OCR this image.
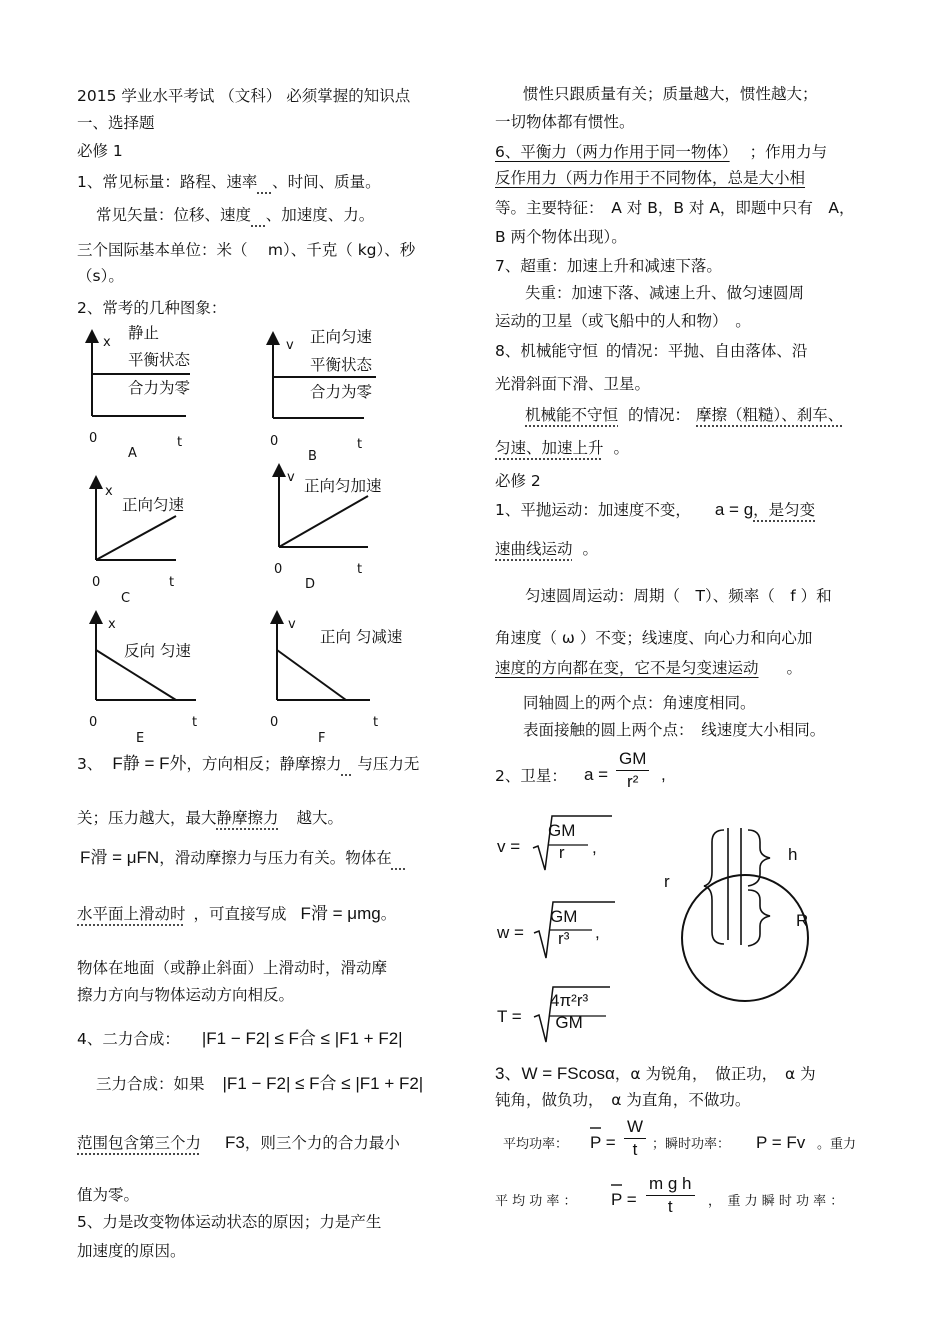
2015 学业水平考试 （文科） 必须掌握的知识点
一、选择题
必修 1
1、常见标量：路程、速率 、时间、质量。
常见矢量：位移、速度 、加速度、力。
三个国际基本单位：米（　 m）、千克（ kg）、秒
（s）。
2、常考的几种图象：
x
静止
平衡状态
合力为零
0	t
A
v 正向匀速
平衡状态
合力为零
0	t
B
x
正向匀速
0	t
C
v 正向匀加速
0	t
D
x
反向 匀速
0	t
E
v
正向 匀减速
0	t
F
3、 F静 = F外，方向相反；静摩擦力 与压力无
关；压力越大，最大静摩擦力 越大。
F滑 = μFN，滑动摩擦力与压力有关。物体在
水平面上滑动时 ，可直接写成 F滑 = μmg。
物体在地面（或静止斜面）上滑动时，滑动摩
擦力方向与物体运动方向相反。
4、二力合成： |F1 − F2| ≤ F合 ≤ |F1 + F2|
三力合成：如果 |F1 − F2| ≤ F合 ≤ |F1 + F2|
范围包含第三个力 F3，则三个力的合力最小
值为零。
5、力是改变物体运动状态的原因；力是产生
加速度的原因。
惯性只跟质量有关；质量越大，惯性越大；
一切物体都有惯性。
6、平衡力（两力作用于同一物体） ；作用力与
反作用力（两力作用于不同物体，总是大小相
等。主要特征：　A 对 B，B 对 A，即题中只有　A，
B 两个物体出现）。
7、超重：加速上升和减速下落。
失重：加速下落、减速上升、做匀速圆周
运动的卫星（或飞船中的人和物）　。
8、机械能守恒 的情况：平抛、自由落体、沿
光滑斜面下滑、卫星。
机械能不守恒 的情况： 摩擦（粗糙）、刹车、
匀速、加速上升 。
必修 2
1、平抛运动：加速度不变， a = g，是匀变
速曲线运动 。
匀速圆周运动：周期（　T）、频率（　f ）和
角速度（ ω ）不变；线速度、向心力和向心加
速度的方向都在变，它不是匀变速运动 。
同轴圆上的两个点：角速度相同。
表面接触的圆上两个点：　线速度大小相同。
2、卫星： $a = \frac{GM}{\text{r²}}$ ,
v =
GM
r	,
w =
GM
r³	,
T =
4π²r³
GM
h
R
r
3、W = FScosα，α 为锐角，　做正功，　α 为
钝角，做负功，　α 为直角，不做功。
平均功率： $P = \frac{W}{t}$ ；瞬时功率： P = Fv 。重力
平 均 功 率 ： $P = \frac{\text{m g h}}{t}$ ，　重 力 瞬 时 功 率 ：
